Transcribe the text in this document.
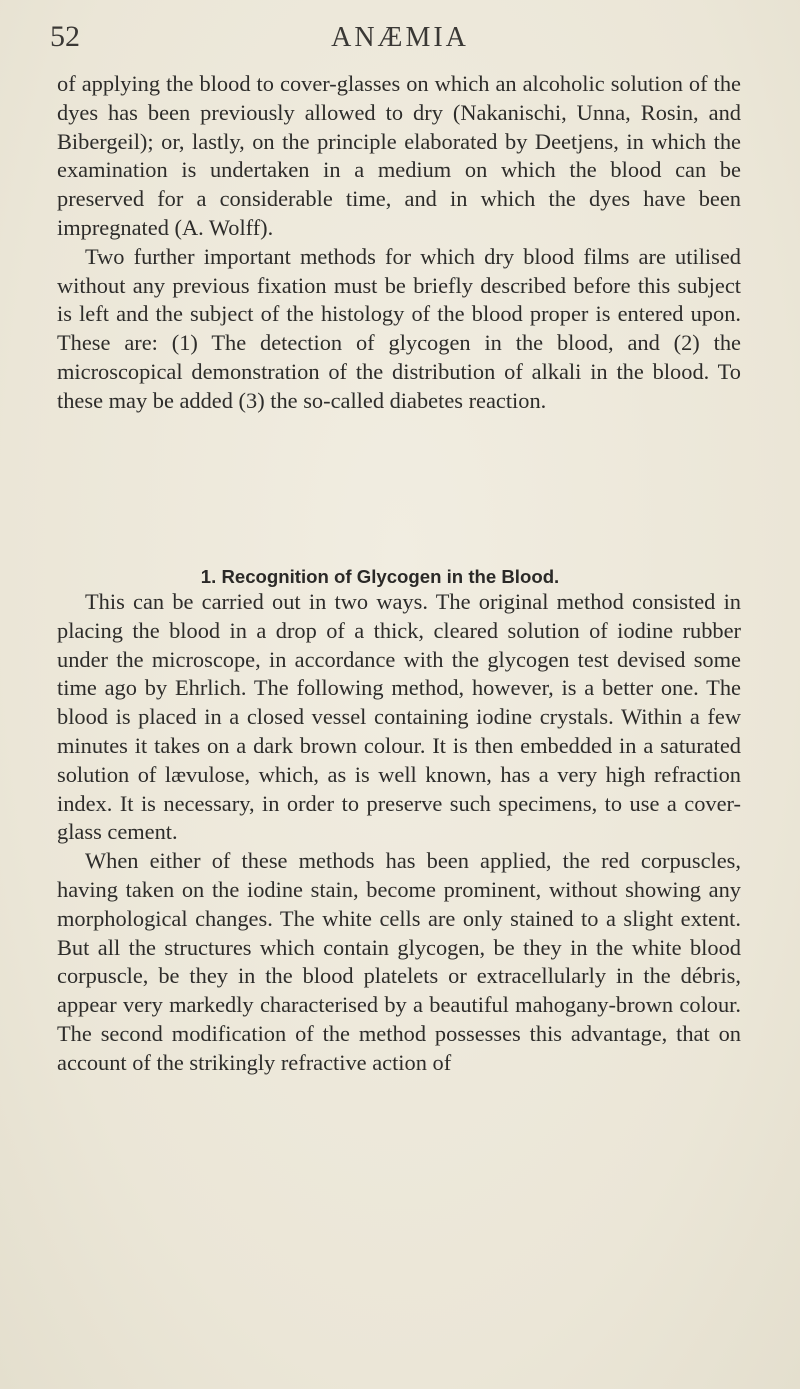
52	ANÆMIA

of applying the blood to cover-glasses on which an alcoholic solution of the dyes has been previously allowed to dry (Nakanischi, Unna, Rosin, and Bibergeil); or, lastly, on the principle elaborated by Deetjens, in which the examination is undertaken in a medium on which the blood can be preserved for a considerable time, and in which the dyes have been impregnated (A. Wolff).

Two further important methods for which dry blood films are utilised without any previous fixation must be briefly described before this subject is left and the subject of the histology of the blood proper is entered upon. These are: (1) The detection of glycogen in the blood, and (2) the microscopical demonstration of the distribution of alkali in the blood. To these may be added (3) the so-called diabetes reaction.

1. Recognition of Glycogen in the Blood.

This can be carried out in two ways. The original method consisted in placing the blood in a drop of a thick, cleared solution of iodine rubber under the microscope, in accordance with the glycogen test devised some time ago by Ehrlich. The following method, however, is a better one. The blood is placed in a closed vessel containing iodine crystals. Within a few minutes it takes on a dark brown colour. It is then embedded in a saturated solution of lævulose, which, as is well known, has a very high refraction index. It is necessary, in order to preserve such specimens, to use a cover-glass cement.

When either of these methods has been applied, the red corpuscles, having taken on the iodine stain, become prominent, without showing any morphological changes. The white cells are only stained to a slight extent. But all the structures which contain glycogen, be they in the white blood corpuscle, be they in the blood platelets or extracellularly in the débris, appear very markedly characterised by a beautiful mahogany-brown colour. The second modification of the method possesses this advantage, that on account of the strikingly refractive action of
